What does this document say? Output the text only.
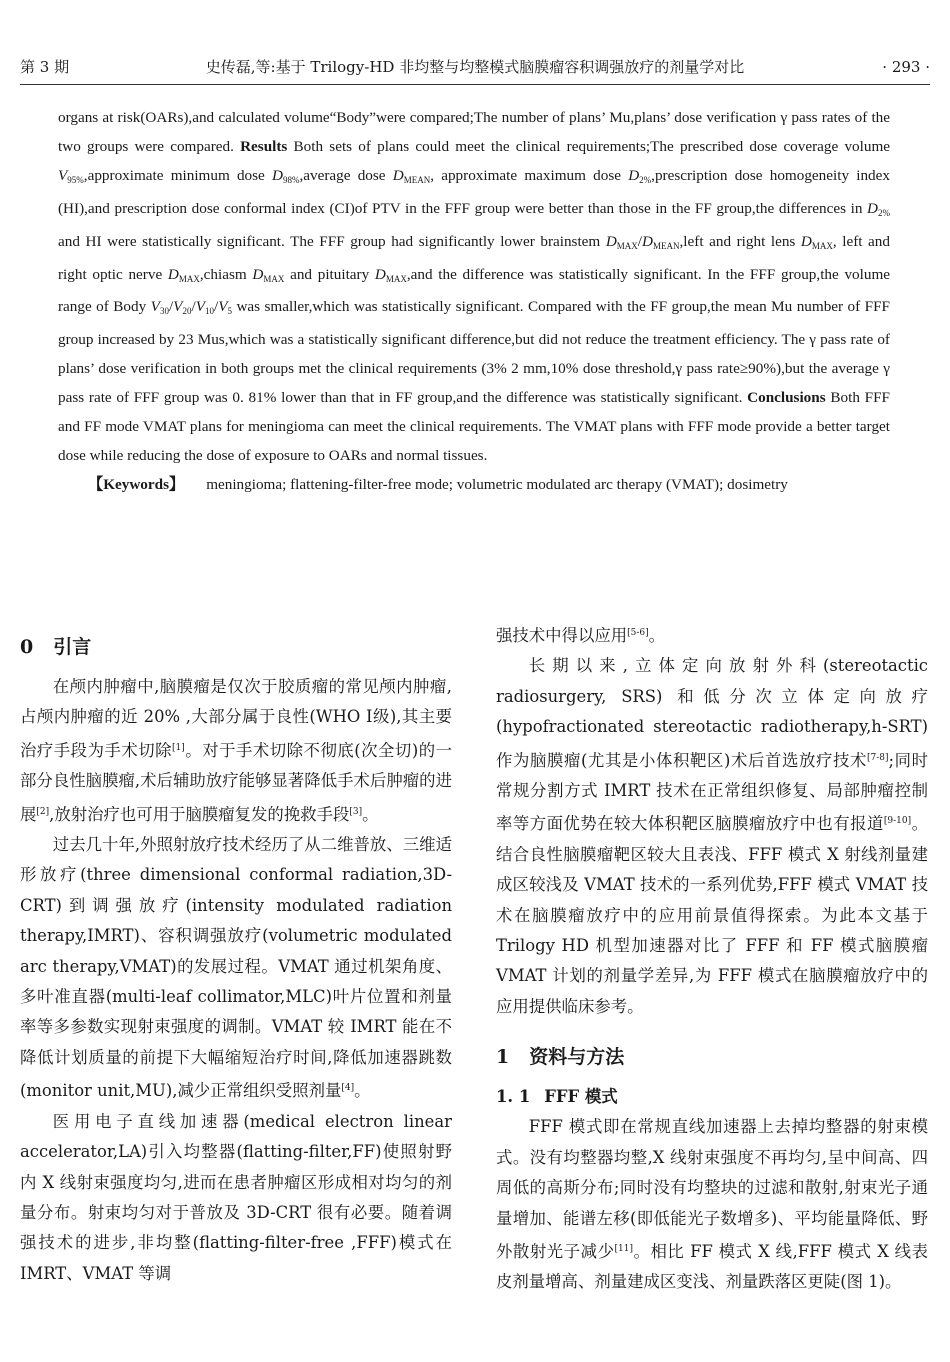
第 3 期	史传磊,等:基于 Trilogy-HD 非均整与均整模式脑膜瘤容积调强放疗的剂量学对比	· 293 ·

organs at risk(OARs),and calculated volume“Body”were compared;The number of plans’ Mu,plans’ dose verification γ pass rates of the two groups were compared. Results Both sets of plans could meet the clinical requirements;The prescribed dose coverage volume $V_{95\%},approximate$ minimum dose $D_{98\%},average$ dose $D_{MEAN}$, approximate maximum dose $D_{2\%},prescription$ dose homogeneity index (HI),and prescription dose conformal index (CI)of PTV in the FFF group were better than those in the FF group,the differences in $D_{2\%}$ and HI were statistically significant. The FFF group had significantly lower brainstem $D_{MAX}/D_{MEAN},left$ and right lens $D_{MAX}$, left and right optic nerve $D_{MAX},chiasm$ $D_{MAX}$ and pituitary $D_{MAX},and$ the difference was statistically significant. In the FFF group,the volume range of Body $V_{30}/V_{20}/V_{10}/V_5$ was smaller,which was statistically significant. Compared with the FF group,the mean Mu number of FFF group increased by 23 Mus,which was a statistically significant difference,but did not reduce the treatment efficiency. The γ pass rate of plans’ dose verification in both groups met the clinical requirements (3% 2 mm,10% dose threshold,γ pass rate≥90%),but the average γ pass rate of FFF group was 0. 81% lower than that in FF group,and the difference was statistically significant. Conclusions Both FFF and FF mode VMAT plans for meningioma can meet the clinical requirements. The VMAT plans with FFF mode provide a better target dose while reducing the dose of exposure to OARs and normal tissues.

【Keywords】 meningioma; flattening-filter-free mode; volumetric modulated arc therapy (VMAT); dosimetry

0 引言

在颅内肿瘤中,脑膜瘤是仅次于胶质瘤的常见颅内肿瘤,占颅内肿瘤的近 20% ,大部分属于良性(WHO Ⅰ级),其主要治疗手段为手术切除[1]。对于手术切除不彻底(次全切)的一部分良性脑膜瘤,术后辅助放疗能够显著降低手术后肿瘤的进展[2],放射治疗也可用于脑膜瘤复发的挽救手段[3]。

过去几十年,外照射放疗技术经历了从二维普放、三维适形放疗(three dimensional conformal radiation,3D-CRT)到调强放疗(intensity modulated radiation therapy,IMRT)、容积调强放疗(volumetric modulated arc therapy,VMAT)的发展过程。VMAT 通过机架角度、多叶准直器(multi-leaf collimator,MLC)叶片位置和剂量率等多参数实现射束强度的调制。VMAT 较 IMRT 能在不降低计划质量的前提下大幅缩短治疗时间,降低加速器跳数(monitor unit,MU),减少正常组织受照剂量[4]。

医用电子直线加速器(medical electron linear accelerator,LA)引入均整器(flatting-filter,FF)使照射野内 X 线射束强度均匀,进而在患者肿瘤区形成相对均匀的剂量分布。射束均匀对于普放及 3D-CRT 很有必要。随着调强技术的进步,非均整(flatting-filter-free ,FFF)模式在 IMRT、VMAT 等调

强技术中得以应用[5-6]。

长期以来,立体定向放射外科(stereotactic radiosurgery, SRS) 和低分次立体定向放疗(hypofractionated stereotactic radiotherapy,h-SRT)作为脑膜瘤(尤其是小体积靶区)术后首选放疗技术[7-8];同时常规分割方式 IMRT 技术在正常组织修复、局部肿瘤控制率等方面优势在较大体积靶区脑膜瘤放疗中也有报道[9-10]。结合良性脑膜瘤靶区较大且表浅、FFF 模式 X 射线剂量建成区较浅及 VMAT 技术的一系列优势,FFF 模式 VMAT 技术在脑膜瘤放疗中的应用前景值得探索。为此本文基于 Trilogy HD 机型加速器对比了 FFF 和 FF 模式脑膜瘤 VMAT 计划的剂量学差异,为 FFF 模式在脑膜瘤放疗中的应用提供临床参考。

1 资料与方法
1. 1 FFF 模式

FFF 模式即在常规直线加速器上去掉均整器的射束模式。没有均整器均整,X 线射束强度不再均匀,呈中间高、四周低的高斯分布;同时没有均整块的过滤和散射,射束光子通量增加、能谱左移(即低能光子数增多)、平均能量降低、野外散射光子减少[11]。相比 FF 模式 X 线,FFF 模式 X 线表皮剂量增高、剂量建成区变浅、剂量跌落区更陡(图 1)。
